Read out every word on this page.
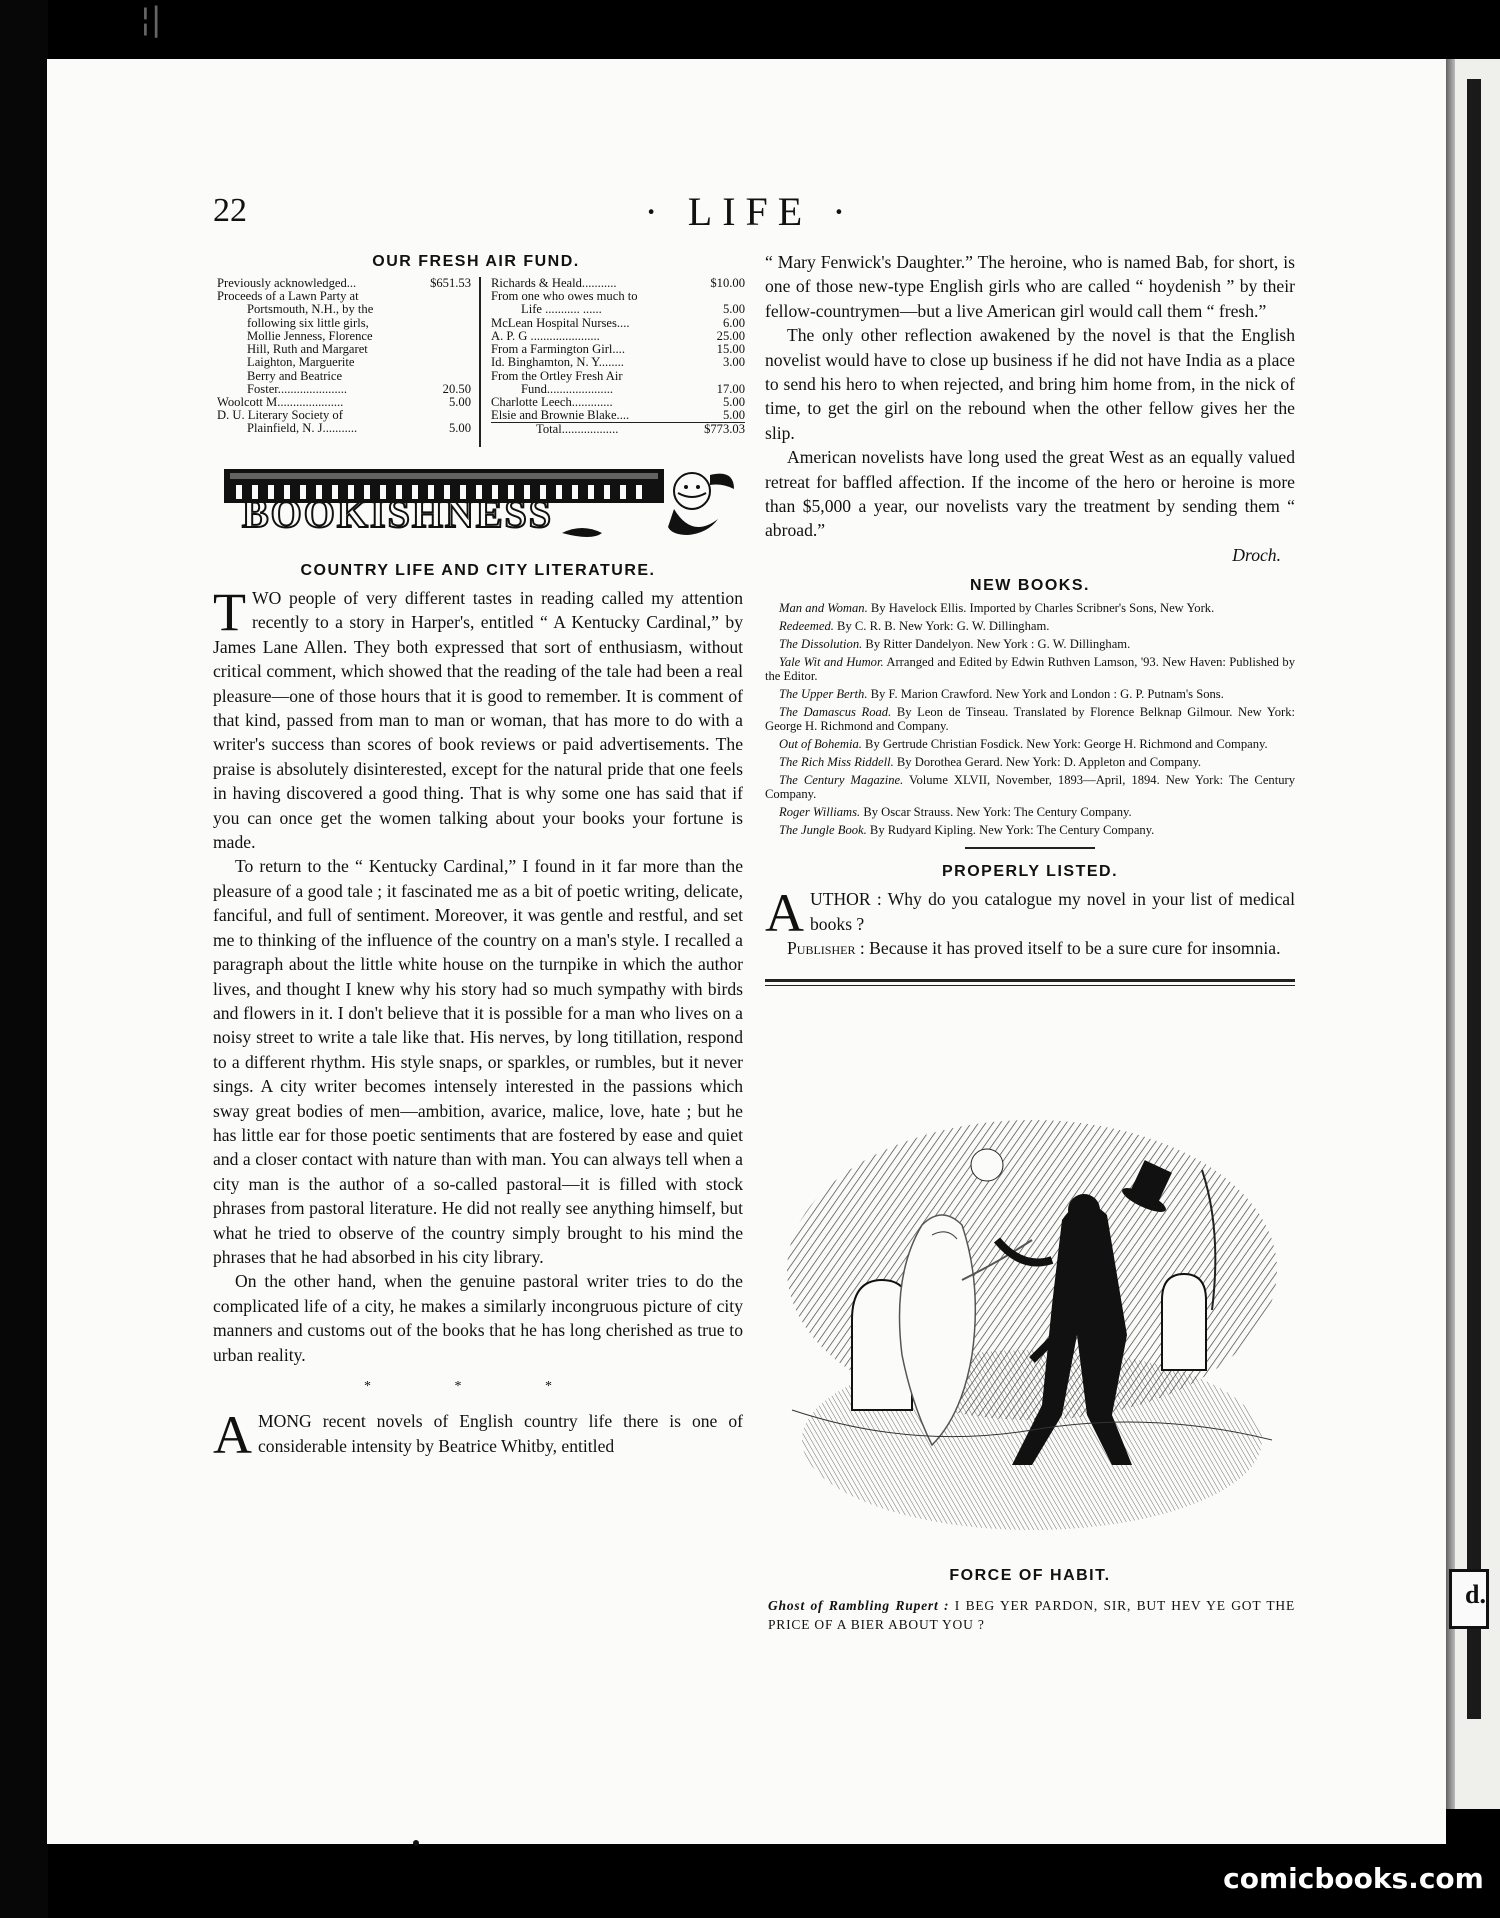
¦|
d.
22	· LIFE ·
OUR FRESH AIR FUND.
Previously acknowledged...	$651.53
Proceeds of a Lawn Party at
Portsmouth, N.H., by the
following six little girls,
Mollie Jenness, Florence
Hill, Ruth and Margaret
Laighton, Marguerite
Berry and Beatrice
Foster......................	20.50
Woolcott M.....................	5.00
D. U. Literary Society of
Plainfield, N. J...........	5.00
Richards & Heald...........	$10.00
From one who owes much to
Life ........... ......	5.00
McLean Hospital Nurses....	6.00
A. P. G ......................	25.00
From a Farmington Girl....	15.00
Id. Binghamton, N. Y........	3.00
From the Ortley Fresh Air
Fund.....................	17.00
Charlotte Leech.............	5.00
Elsie and Brownie Blake....	5.00
Total..................	$773.03
BOOKISHNESS
COUNTRY LIFE AND CITY LITERATURE.

TWO people of very different tastes in reading called my attention recently to a story in Harper's, entitled “ A Kentucky Cardinal,” by James Lane Allen. They both expressed that sort of enthusiasm, without critical comment, which showed that the reading of the tale had been a real pleasure—one of those hours that it is good to remember. It is comment of that kind, passed from man to man or woman, that has more to do with a writer's success than scores of book reviews or paid advertisements. The praise is absolutely disinterested, except for the natural pride that one feels in having discovered a good thing. That is why some one has said that if you can once get the women talking about your books your fortune is made.

To return to the “ Kentucky Cardinal,” I found in it far more than the pleasure of a good tale ; it fascinated me as a bit of poetic writing, delicate, fanciful, and full of sentiment. Moreover, it was gentle and restful, and set me to thinking of the influence of the country on a man's style. I recalled a paragraph about the little white house on the turnpike in which the author lives, and thought I knew why his story had so much sympathy with birds and flowers in it. I don't believe that it is possible for a man who lives on a noisy street to write a tale like that. His nerves, by long titillation, respond to a different rhythm. His style snaps, or sparkles, or rumbles, but it never sings. A city writer becomes intensely interested in the passions which sway great bodies of men—ambition, avarice, malice, love, hate ; but he has little ear for those poetic sentiments that are fostered by ease and quiet and a closer contact with nature than with man. You can always tell when a city man is the author of a so-called pastoral—it is filled with stock phrases from pastoral literature. He did not really see anything himself, but what he tried to observe of the country simply brought to his mind the phrases that he had absorbed in his city library.

On the other hand, when the genuine pastoral writer tries to do the complicated life of a city, he makes a similarly incongruous picture of city manners and customs out of the books that he has long cherished as true to urban reality.

* * *

AMONG recent novels of English country life there is one of considerable intensity by Beatrice Whitby, entitled

“ Mary Fenwick's Daughter.” The heroine, who is named Bab, for short, is one of those new-type English girls who are called “ hoydenish ” by their fellow-countrymen—but a live American girl would call them “ fresh.”

The only other reflection awakened by the novel is that the English novelist would have to close up business if he did not have India as a place to send his hero to when rejected, and bring him home from, in the nick of time, to get the girl on the rebound when the other fellow gives her the slip.

American novelists have long used the great West as an equally valued retreat for baffled affection. If the income of the hero or heroine is more than $5,000 a year, our novelists vary the treatment by sending them “ abroad.”

Droch.
NEW BOOKS.
Man and Woman. By Havelock Ellis. Imported by Charles Scribner's Sons, New York.
Redeemed. By C. R. B. New York: G. W. Dillingham.
The Dissolution. By Ritter Dandelyon. New York : G. W. Dillingham.
Yale Wit and Humor. Arranged and Edited by Edwin Ruthven Lamson, '93. New Haven: Published by the Editor.
The Upper Berth. By F. Marion Crawford. New York and London : G. P. Putnam's Sons.
The Damascus Road. By Leon de Tinseau. Translated by Florence Belknap Gilmour. New York: George H. Richmond and Company.
Out of Bohemia. By Gertrude Christian Fosdick. New York: George H. Richmond and Company.
The Rich Miss Riddell. By Dorothea Gerard. New York: D. Appleton and Company.
The Century Magazine. Volume XLVII, November, 1893—April, 1894. New York: The Century Company.
Roger Williams. By Oscar Strauss. New York: The Century Company.
The Jungle Book. By Rudyard Kipling. New York: The Century Company.
PROPERLY LISTED.

AUTHOR : Why do you catalogue my novel in your list of medical books ?

Publisher : Because it has proved itself to be a sure cure for insomnia.

FORCE OF HABIT.
Ghost of Rambling Rupert : I BEG YER PARDON, SIR, BUT HEV YE GOT THE PRICE OF A BIER ABOUT YOU ?
comicbooks.com
